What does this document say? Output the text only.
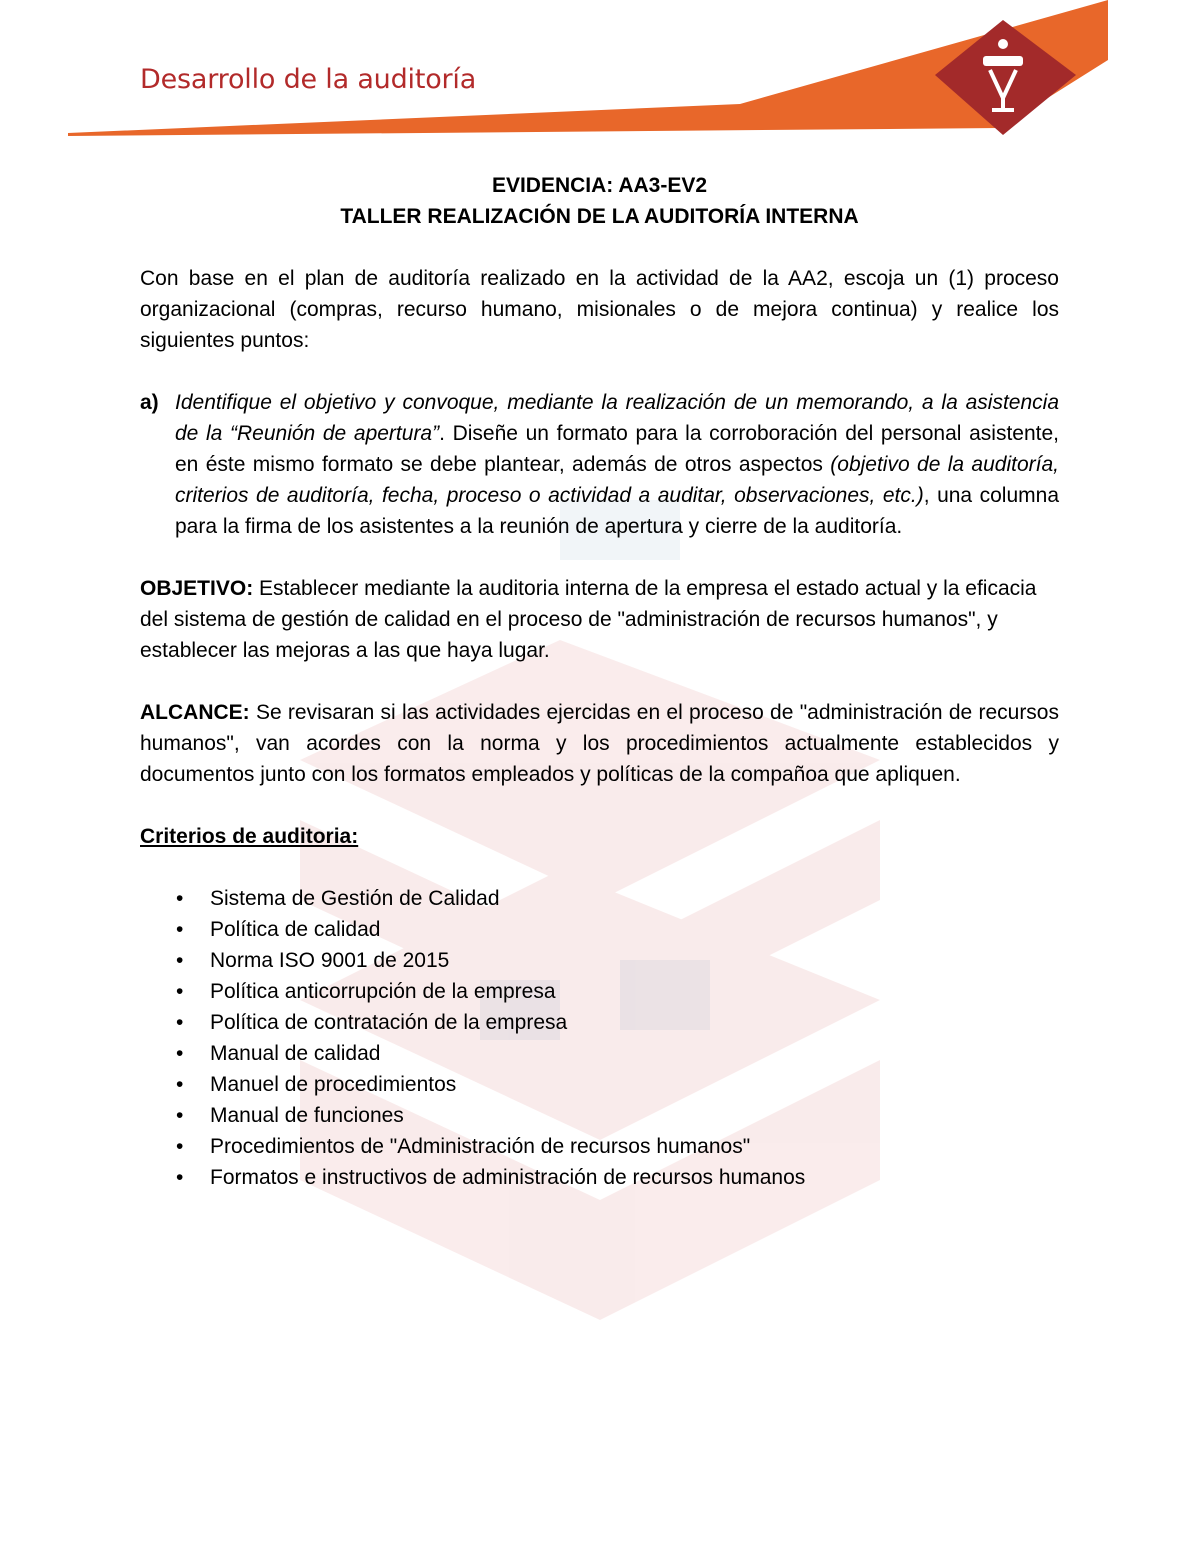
Desarrollo de la auditoría

EVIDENCIA: AA3-EV2

TALLER REALIZACIÓN DE LA AUDITORÍA INTERNA

Con base en el plan de auditoría realizado en la actividad de la AA2, escoja un (1) proceso organizacional (compras, recurso humano, misionales o de mejora continua) y realice los siguientes puntos:

a) Identifique el objetivo y convoque, mediante la realización de un memorando, a la asistencia de la “Reunión de apertura”. Diseñe un formato para la corroboración del personal asistente, en éste mismo formato se debe plantear, además de otros aspectos (objetivo de la auditoría, criterios de auditoría, fecha, proceso o actividad a auditar, observaciones, etc.), una columna para la firma de los asistentes a la reunión de apertura y cierre de la auditoría.

OBJETIVO: Establecer mediante la auditoria interna de la empresa el estado actual y la eficacia del sistema de gestión de calidad en el proceso de "administración de recursos humanos", y establecer las mejoras a las que haya lugar.

ALCANCE: Se revisaran si las actividades ejercidas en el proceso de "administración de recursos humanos", van acordes con la norma y los procedimientos actualmente establecidos y documentos junto con los formatos empleados y políticas de la compañoa que apliquen.

Criterios de auditoria:

• Sistema de Gestión de Calidad
• Política de calidad
• Norma ISO 9001 de 2015
• Política anticorrupción de la empresa
• Política de contratación de la empresa
• Manual de calidad
• Manuel de procedimientos
• Manual de funciones
• Procedimientos de "Administración de recursos humanos"
• Formatos e instructivos de administración de recursos humanos
